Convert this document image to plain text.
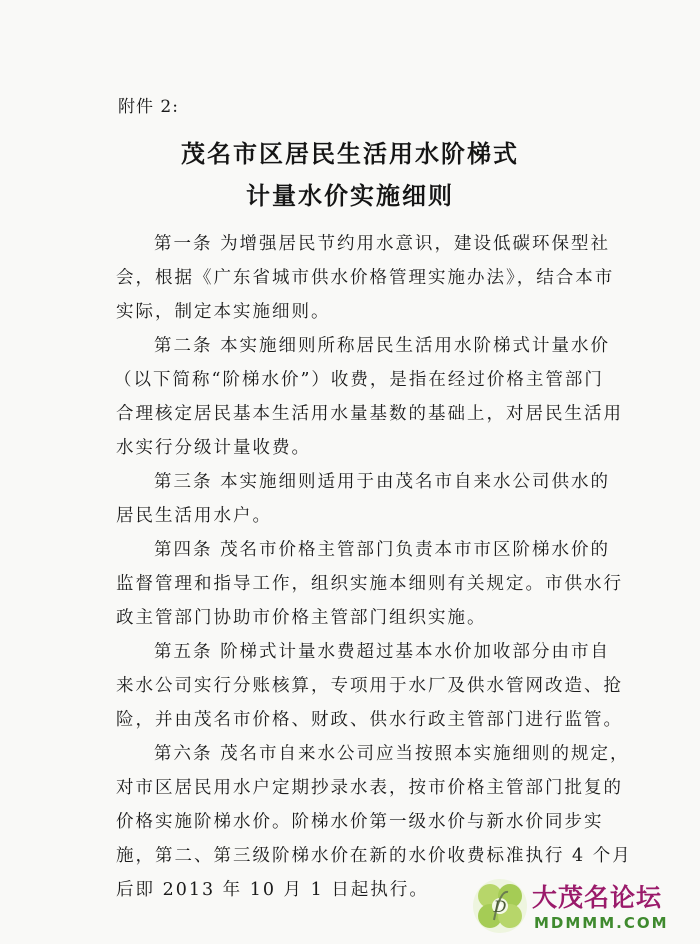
附件 2:
茂名市区居民生活用水阶梯式
计量水价实施细则
第一条 为增强居民节约用水意识，建设低碳环保型社
会，根据《广东省城市供水价格管理实施办法》，结合本市
实际，制定本实施细则。
第二条 本实施细则所称居民生活用水阶梯式计量水价
（以下简称“阶梯水价”）收费，是指在经过价格主管部门
合理核定居民基本生活用水量基数的基础上，对居民生活用
水实行分级计量收费。
第三条 本实施细则适用于由茂名市自来水公司供水的
居民生活用水户。
第四条 茂名市价格主管部门负责本市市区阶梯水价的
监督管理和指导工作，组织实施本细则有关规定。市供水行
政主管部门协助市价格主管部门组织实施。
第五条 阶梯式计量水费超过基本水价加收部分由市自
来水公司实行分账核算，专项用于水厂及供水管网改造、抢
险，并由茂名市价格、财政、供水行政主管部门进行监管。
第六条 茂名市自来水公司应当按照本实施细则的规定，
对市区居民用水户定期抄录水表，按市价格主管部门批复的
价格实施阶梯水价。阶梯水价第一级水价与新水价同步实
施，第二、第三级阶梯水价在新的水价收费标准执行 4 个月
后即 2013 年 10 月 1 日起执行。
D 大茂名论坛
MDMMM.COM
